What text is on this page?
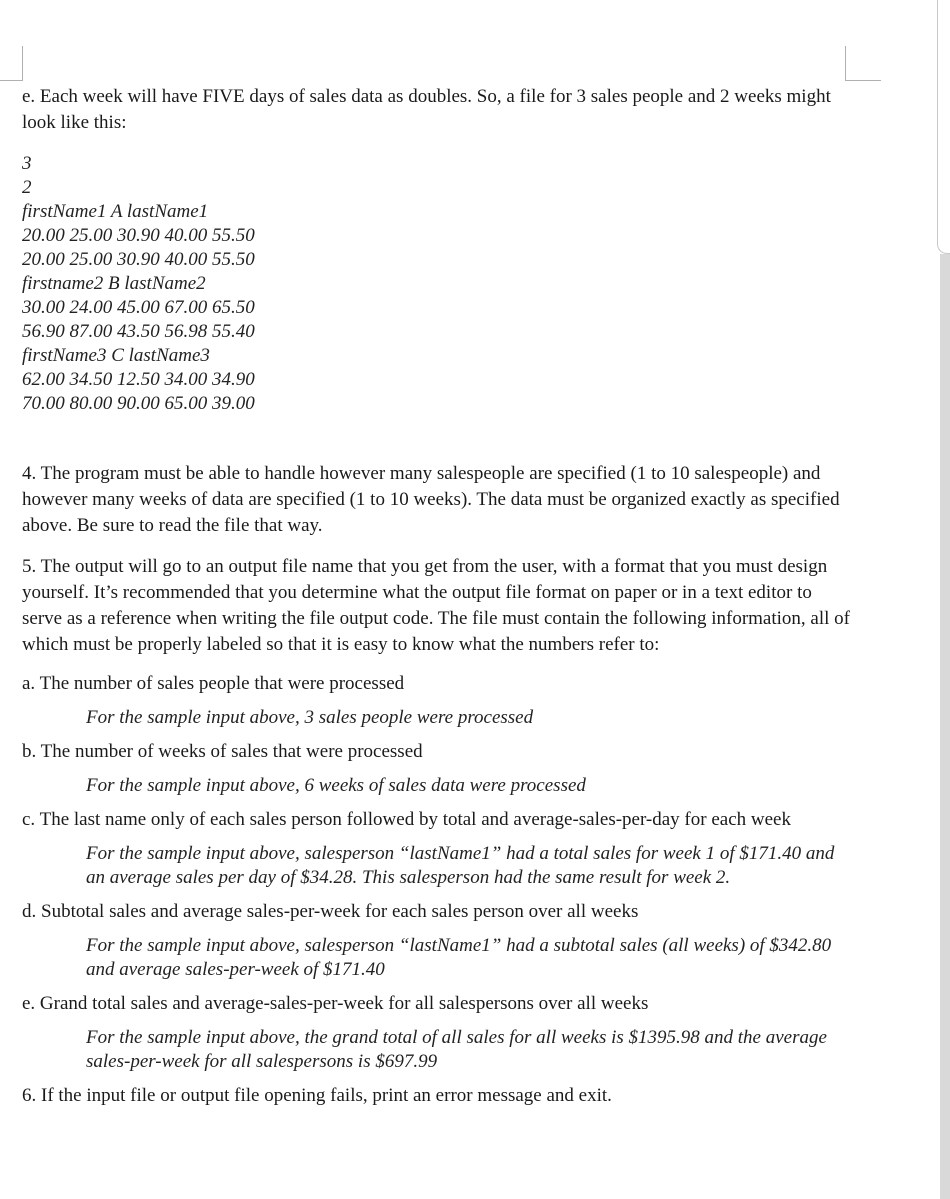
e. Each week will have FIVE days of sales data as doubles. So, a file for 3 sales people and 2 weeks might look like this:

3
2
firstName1 A lastName1
20.00 25.00 30.90 40.00 55.50
20.00 25.00 30.90 40.00 55.50
firstname2 B lastName2
30.00 24.00 45.00 67.00 65.50
56.90 87.00 43.50 56.98 55.40
firstName3 C lastName3
62.00 34.50 12.50 34.00 34.90
70.00 80.00 90.00 65.00 39.00

4. The program must be able to handle however many salespeople are specified (1 to 10 salespeople) and however many weeks of data are specified (1 to 10 weeks). The data must be organized exactly as specified above. Be sure to read the file that way.

5. The output will go to an output file name that you get from the user, with a format that you must design yourself. It’s recommended that you determine what the output file format on paper or in a text editor to serve as a reference when writing the file output code. The file must contain the following information, all of which must be properly labeled so that it is easy to know what the numbers refer to:

a. The number of sales people that were processed

For the sample input above, 3 sales people were processed

b. The number of weeks of sales that were processed

For the sample input above, 6 weeks of sales data were processed

c. The last name only of each sales person followed by total and average-sales-per-day for each week

For the sample input above, salesperson “lastName1” had a total sales for week 1 of $171.40 and an average sales per day of $34.28. This salesperson had the same result for week 2.

d. Subtotal sales and average sales-per-week for each sales person over all weeks

For the sample input above, salesperson “lastName1” had a subtotal sales (all weeks) of $342.80 and average sales-per-week of $171.40

e. Grand total sales and average-sales-per-week for all salespersons over all weeks

For the sample input above, the grand total of all sales for all weeks is $1395.98 and the average sales-per-week for all salespersons is $697.99

6. If the input file or output file opening fails, print an error message and exit.
